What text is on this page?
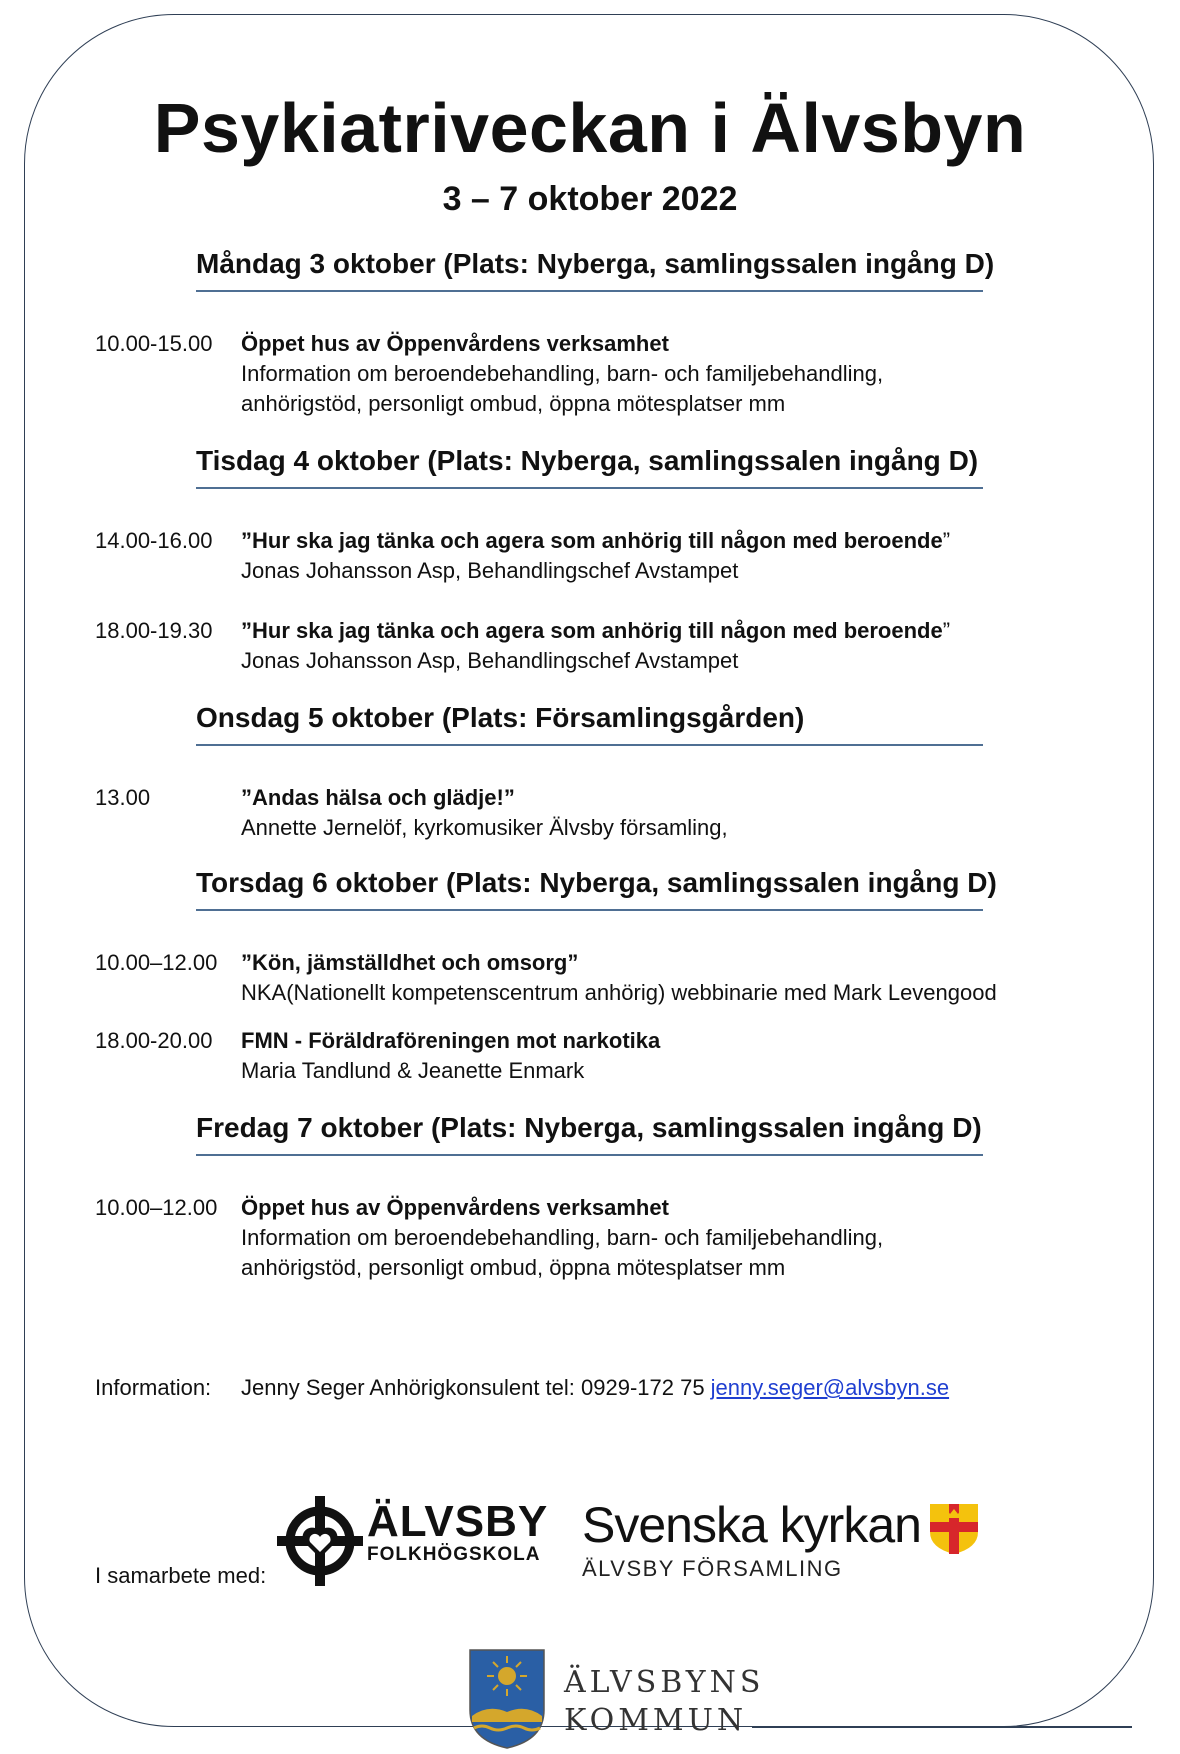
Psykiatriveckan i Älvsbyn
3 – 7 oktober 2022
Måndag 3 oktober (Plats: Nyberga, samlingssalen ingång D)
10.00-15.00	Öppet hus av Öppenvårdens verksamhet
Information om beroendebehandling, barn- och familjebehandling,
anhörigstöd, personligt ombud, öppna mötesplatser mm
Tisdag 4 oktober (Plats: Nyberga, samlingssalen ingång D)
14.00-16.00	”Hur ska jag tänka och agera som anhörig till någon med beroende”
Jonas Johansson Asp, Behandlingschef Avstampet
18.00-19.30	”Hur ska jag tänka och agera som anhörig till någon med beroende”
Jonas Johansson Asp, Behandlingschef Avstampet
Onsdag 5 oktober (Plats: Församlingsgården)
13.00	”Andas hälsa och glädje!”
Annette Jernelöf, kyrkomusiker Älvsby församling,
Torsdag 6 oktober (Plats: Nyberga, samlingssalen ingång D)
10.00–12.00	”Kön, jämställdhet och omsorg”
NKA(Nationellt kompetenscentrum anhörig) webbinarie med Mark Levengood
18.00-20.00	FMN - Föräldraföreningen mot narkotika
Maria Tandlund & Jeanette Enmark
Fredag 7 oktober (Plats: Nyberga, samlingssalen ingång D)
10.00–12.00	Öppet hus av Öppenvårdens verksamhet
Information om beroendebehandling, barn- och familjebehandling,
anhörigstöd, personligt ombud, öppna mötesplatser mm
Information: Jenny Seger Anhörigkonsulent tel: 0929-172 75 jenny.seger@alvsbyn.se
I samarbete med:
ÄLVSBY
FOLKHÖGSKOLA
Svenska kyrkan
ÄLVSBY FÖRSAMLING
ÄLVSBYNS
KOMMUN
